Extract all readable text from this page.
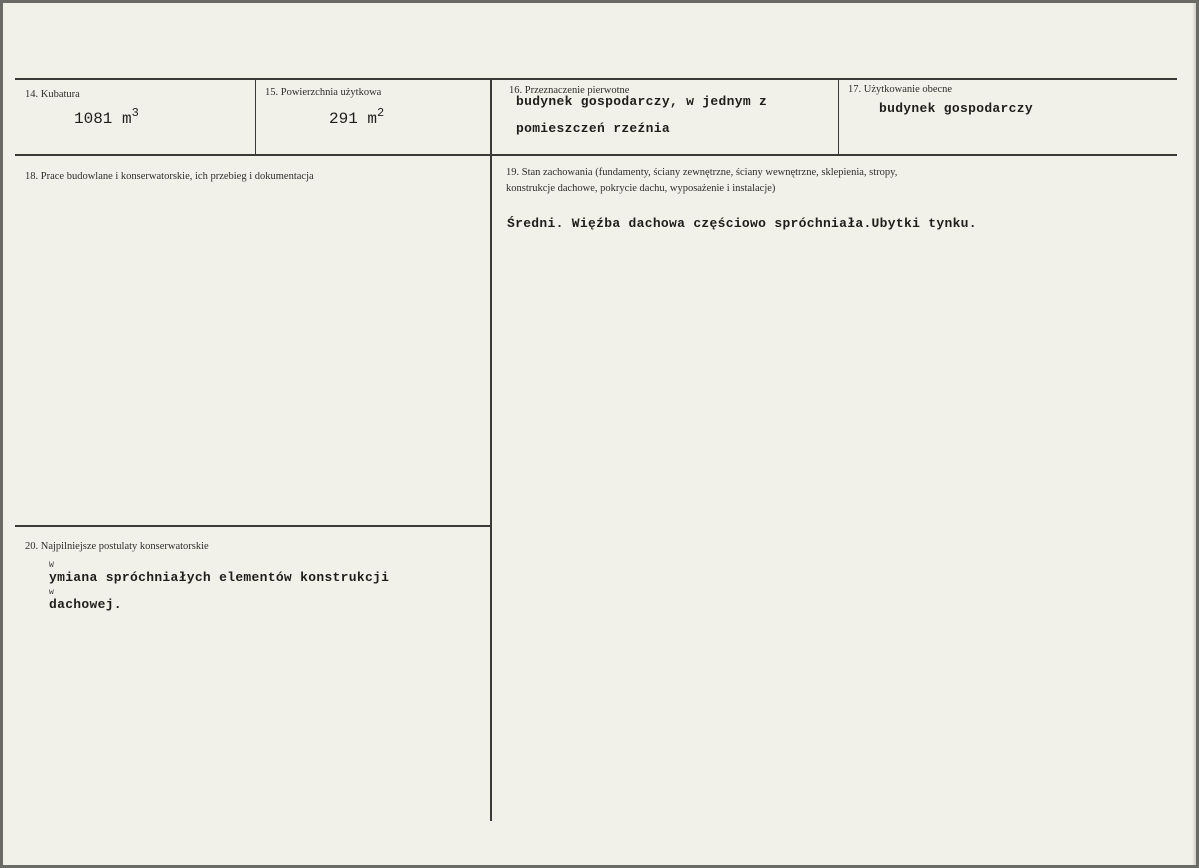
14. Kubatura
1081 $m^3$
15. Powierzchnia użytkowa
291 $m^2$
16. Przeznaczenie pierwotne
budynek gospodarczy, w jednym z
pomieszczeń rzeźnia
17. Użytkowanie obecne
budynek gospodarczy
18. Prace budowlane i konserwatorskie, ich przebieg i dokumentacja	19. Stan zachowania (fundamenty, ściany zewnętrzne, ściany wewnętrzne, sklepienia, stropy,
konstrukcje dachowe, pokrycie dachu, wyposażenie i instalacje)
Średni. Więźba dachowa częściowo spróchniała.Ubytki tynku.
20. Najpilniejsze postulaty konserwatorskie
W
ymiana spróchniałych elementów konstrukcji
w
dachowej.
